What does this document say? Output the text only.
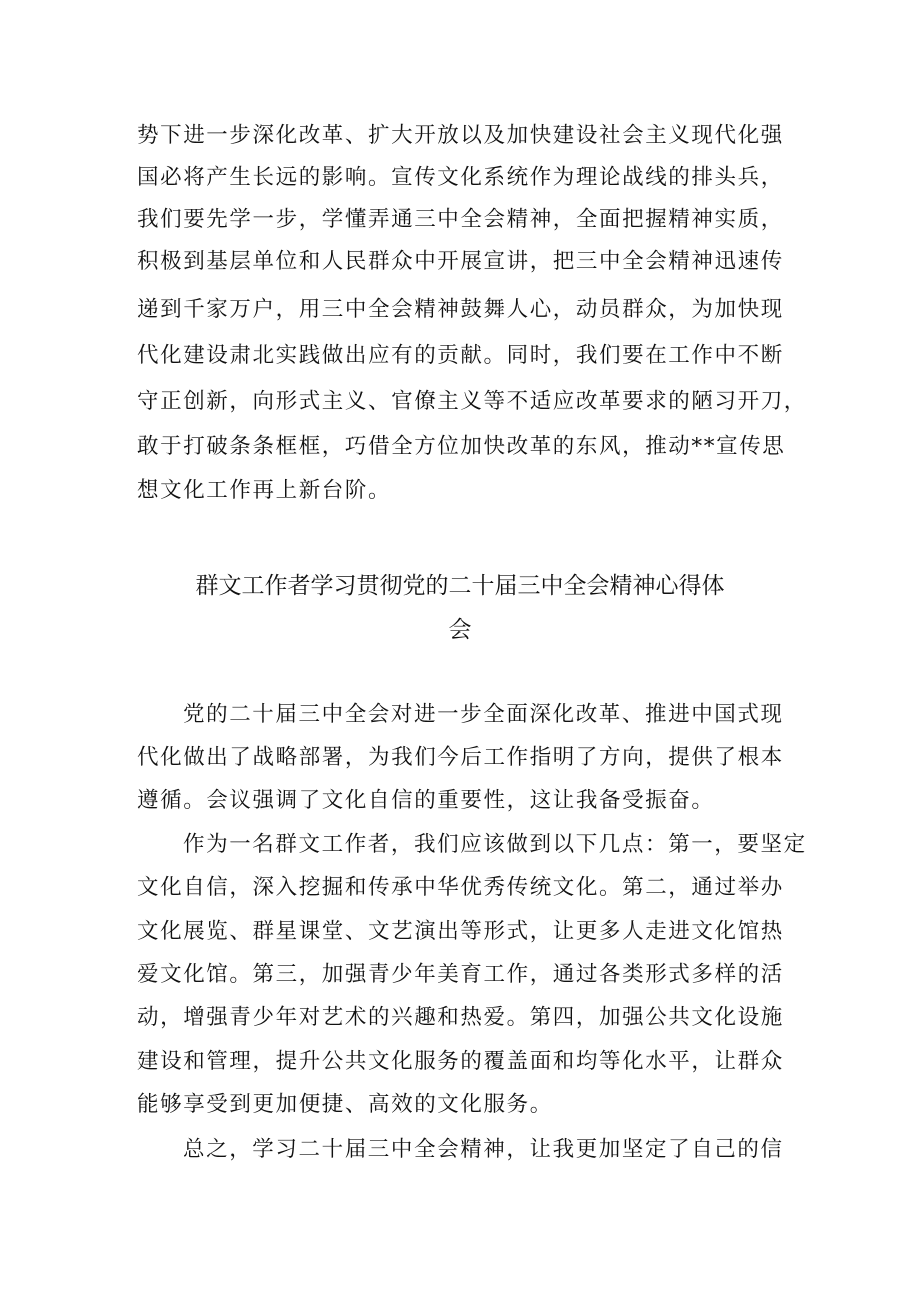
势下进一步深化改革、扩大开放以及加快建设社会主义现代化强
国必将产生长远的影响。宣传文化系统作为理论战线的排头兵，
我们要先学一步，学懂弄通三中全会精神，全面把握精神实质，
积极到基层单位和人民群众中开展宣讲，把三中全会精神迅速传
递到千家万户，用三中全会精神鼓舞人心，动员群众，为加快现
代化建设肃北实践做出应有的贡献。同时，我们要在工作中不断
守正创新，向形式主义、官僚主义等不适应改革要求的陋习开刀，
敢于打破条条框框，巧借全方位加快改革的东风，推动**宣传思
想文化工作再上新台阶。
群文工作者学习贯彻党的二十届三中全会精神心得体
会
党的二十届三中全会对进一步全面深化改革、推进中国式现
代化做出了战略部署，为我们今后工作指明了方向，提供了根本
遵循。会议强调了文化自信的重要性，这让我备受振奋。
作为一名群文工作者，我们应该做到以下几点：第一，要坚定
文化自信，深入挖掘和传承中华优秀传统文化。第二，通过举办
文化展览、群星课堂、文艺演出等形式，让更多人走进文化馆热
爱文化馆。第三，加强青少年美育工作，通过各类形式多样的活
动，增强青少年对艺术的兴趣和热爱。第四，加强公共文化设施
建设和管理，提升公共文化服务的覆盖面和均等化水平，让群众
能够享受到更加便捷、高效的文化服务。
总之，学习二十届三中全会精神，让我更加坚定了自己的信
